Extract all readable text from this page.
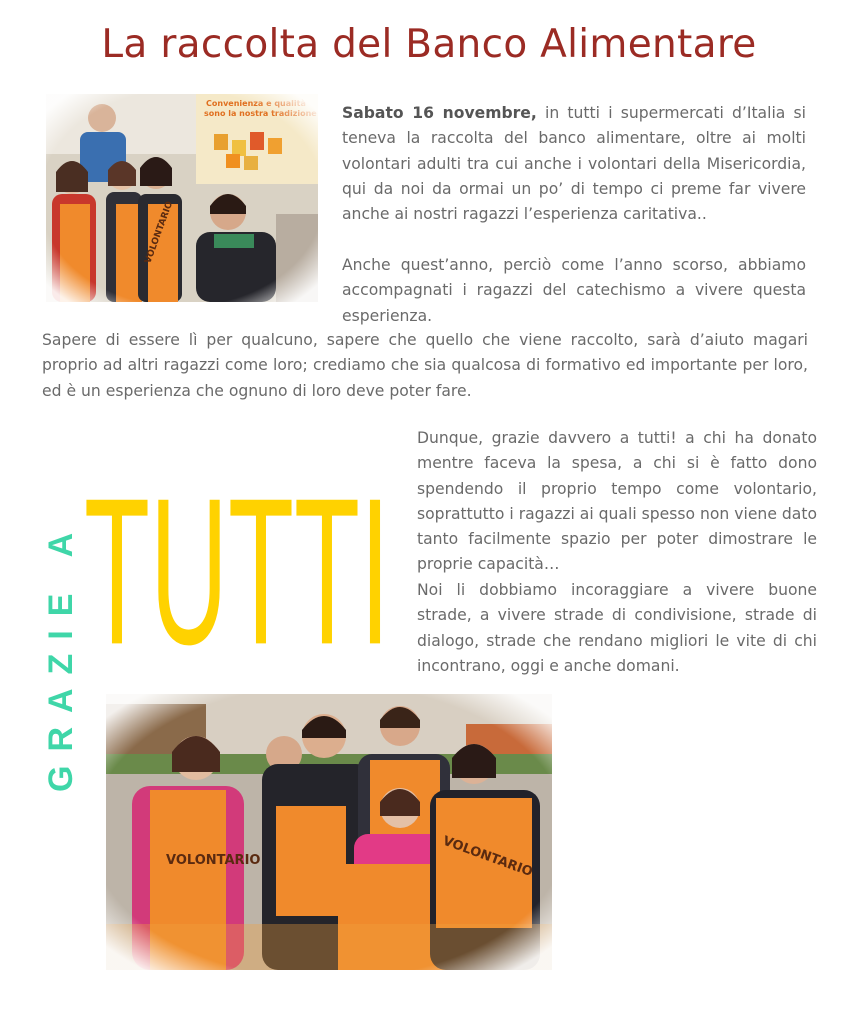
La raccolta del Banco Alimentare

Sabato 16 novembre, in tutti i supermercati d’Italia si teneva la raccolta del banco alimentare, oltre ai molti volontari adulti tra cui anche i volontari della Misericordia, qui da noi da ormai un po’ di tempo ci preme far vivere anche ai nostri ragazzi l’esperienza caritativa..

Anche quest’anno, perciò come l’anno scorso, abbiamo accompagnati i ragazzi del catechismo a vivere questa esperienza.

Sapere di essere lì per qualcuno, sapere che quello che viene raccolto, sarà d’aiuto magari proprio ad altri ragazzi come loro; crediamo che sia qualcosa di formativo ed importante per loro, ed è un esperienza che ognuno di loro deve poter fare.

GRAZIE A TUTTI

Dunque, grazie davvero a tutti! a chi ha donato mentre faceva la spesa, a chi si è fatto dono spendendo il proprio tempo come volontario, soprattutto i ragazzi ai quali spesso non viene dato tanto facilmente spazio per poter dimostrare le proprie capacità…

Noi li dobbiamo incoraggiare a vivere buone strade, a vivere strade di condivisione, strade di dialogo, strade che rendano migliori le vite di chi incontrano, oggi e anche domani.
